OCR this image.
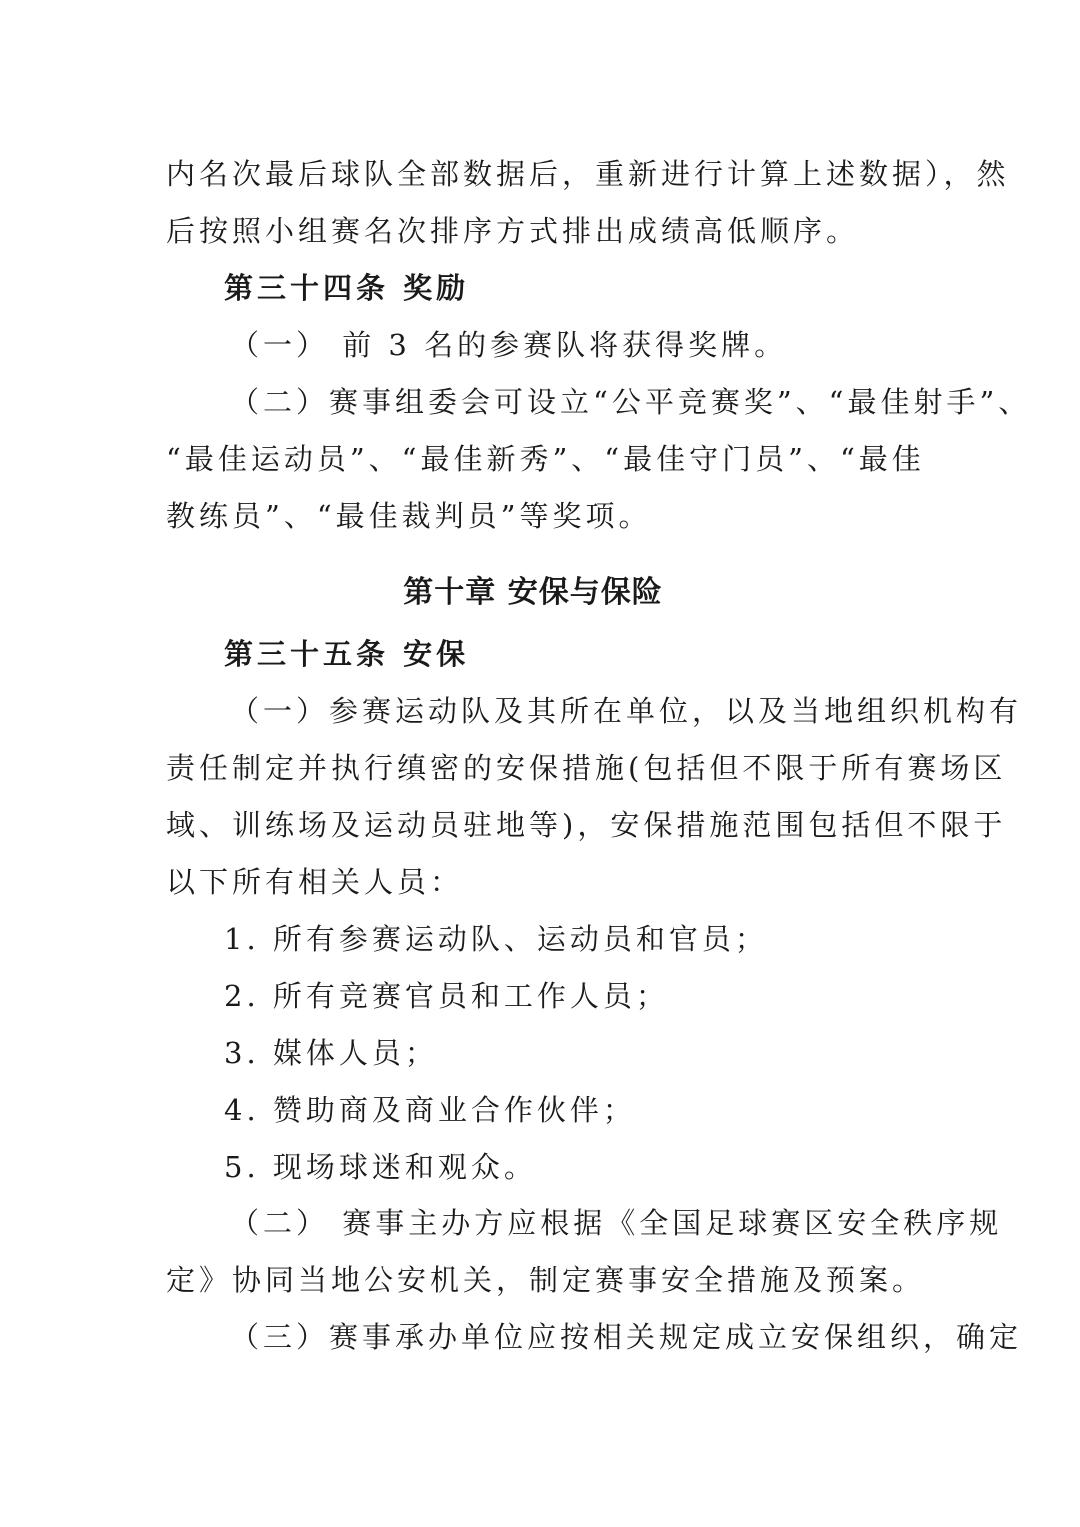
内名次最后球队全部数据后，重新进行计算上述数据），然
后按照小组赛名次排序方式排出成绩高低顺序。
第三十四条 奖励
（一） 前 3 名的参赛队将获得奖牌。
（二）赛事组委会可设立“公平竞赛奖”、“最佳射手”、
“最佳运动员”、“最佳新秀”、“最佳守门员”、“最佳
教练员”、“最佳裁判员”等奖项。
第十章 安保与保险
第三十五条 安保
（一）参赛运动队及其所在单位，以及当地组织机构有
责任制定并执行缜密的安保措施(包括但不限于所有赛场区
域、训练场及运动员驻地等)，安保措施范围包括但不限于
以下所有相关人员：
1. 所有参赛运动队、运动员和官员；
2. 所有竞赛官员和工作人员；
3. 媒体人员；
4. 赞助商及商业合作伙伴；
5. 现场球迷和观众。
（二） 赛事主办方应根据《全国足球赛区安全秩序规
定》协同当地公安机关，制定赛事安全措施及预案。
（三）赛事承办单位应按相关规定成立安保组织，确定
